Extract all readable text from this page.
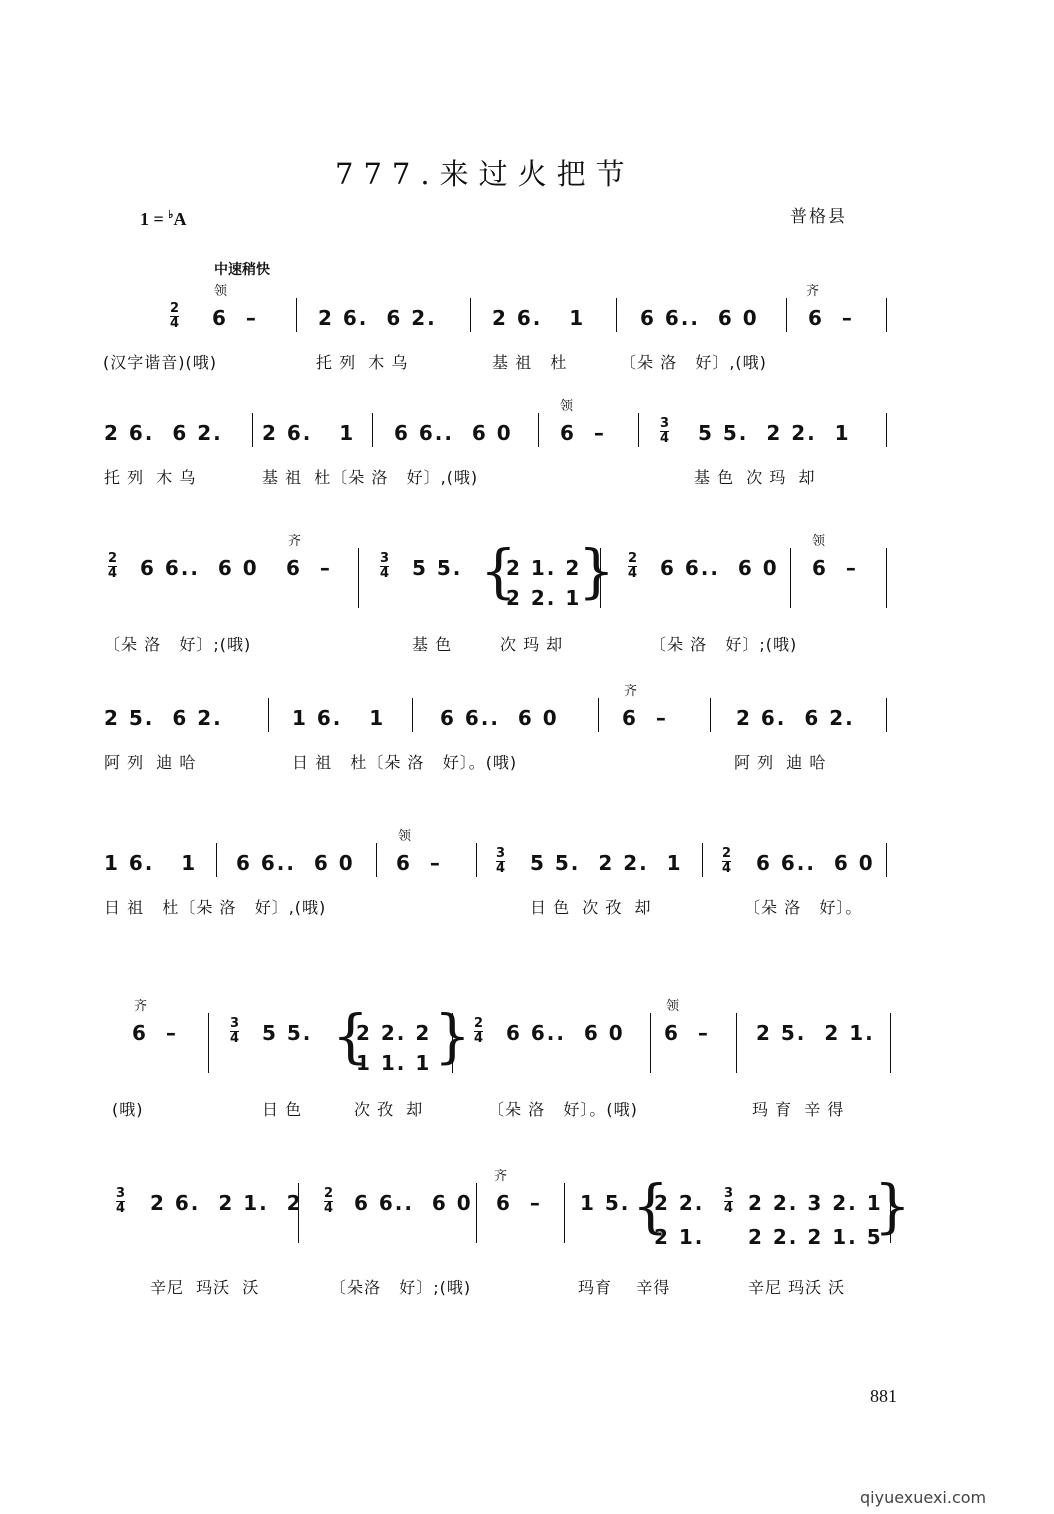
777.来过火把节
1 = ♭A	普格县
中速稍快
6  –	2 6.  6 2.	2 6.   1	6 6..  6 0 6  –
(汉字谐音)(哦)	托 列  木 乌	基 祖   杜	〔朵 洛   好〕,(哦)
2
4
领	齐
2 6.  6 2. 2 6.   1 6 6..  6 0 6  –	5 5.  2 2.  1
托 列  木 乌	基 祖  杜〔朵 洛   好〕,(哦)	基 色  次 玛  却
3
4
领
6 6..  6 0 6  –	5 5. 2 1. 2	6 6..  6 0 6  –
2 2. 1
〔朵 洛   好〕;(哦)	基 色	次 玛 却	〔朵 洛   好〕;(哦)
2
4
3
4
2
4
齐	领
{ }
2 5.  6 2.	1 6.   1	6 6..  6 0	6  –	2 6.  6 2.
阿 列  迪 哈	日 祖   杜〔朵 洛   好〕。(哦)	阿 列  迪 哈
齐
1 6.   1 6 6..  6 0 6  –	5 5.  2 2.  1	6 6..  6 0
日 祖   杜〔朵 洛   好〕,(哦)	日 色  次 孜  却	〔朵 洛   好〕。
3
4
2
4
领
6  –	5 5. 2 2. 2	6 6..  6 0 6  – 2 5.  2 1.
1 1. 1
(哦)	日 色	次 孜  却	〔朵 洛   好〕。(哦)	玛 育  辛 得
3
4
2
4
齐	领
{ }
2 6.  2 1.  2	6 6..  6 0 6  – 1 5. 2 2. 2 2. 3 2. 1
2 1. 2 2. 2 1. 5
辛尼  玛沃  沃	〔朵洛   好〕;(哦)	玛育    辛得	辛尼 玛沃 沃
3
4
2
4
3
4
齐 {	}
881
qiyuexuexi.com
